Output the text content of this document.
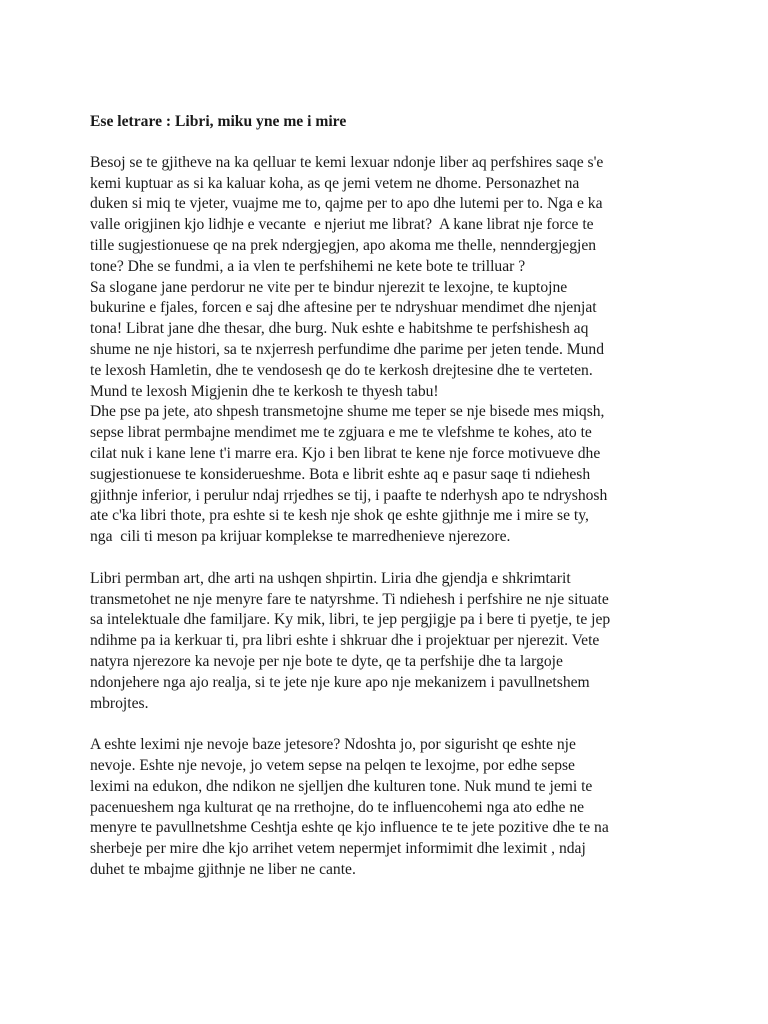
Ese letrare : Libri, miku yne me i mire
Besoj se te gjitheve na ka qelluar te kemi lexuar ndonje liber aq perfshires saqe s'e
kemi kuptuar as si ka kaluar koha, as qe jemi vetem ne dhome. Personazhet na
duken si miq te vjeter, vuajme me to, qajme per to apo dhe lutemi per to. Nga e ka
valle origjinen kjo lidhje e vecante  e njeriut me librat?  A kane librat nje force te
tille sugjestionuese qe na prek ndergjegjen, apo akoma me thelle, nenndergjegjen
tone? Dhe se fundmi, a ia vlen te perfshihemi ne kete bote te trilluar ?
Sa slogane jane perdorur ne vite per te bindur njerezit te lexojne, te kuptojne
bukurine e fjales, forcen e saj dhe aftesine per te ndryshuar mendimet dhe njenjat
tona! Librat jane dhe thesar, dhe burg. Nuk eshte e habitshme te perfshishesh aq
shume ne nje histori, sa te nxjerresh perfundime dhe parime per jeten tende. Mund
te lexosh Hamletin, dhe te vendosesh qe do te kerkosh drejtesine dhe te verteten.
Mund te lexosh Migjenin dhe te kerkosh te thyesh tabu!
Dhe pse pa jete, ato shpesh transmetojne shume me teper se nje bisede mes miqsh,
sepse librat permbajne mendimet me te zgjuara e me te vlefshme te kohes, ato te
cilat nuk i kane lene t'i marre era. Kjo i ben librat te kene nje force motivueve dhe
sugjestionuese te konsiderueshme. Bota e librit eshte aq e pasur saqe ti ndiehesh
gjithnje inferior, i perulur ndaj rrjedhes se tij, i paafte te nderhysh apo te ndryshosh
ate c'ka libri thote, pra eshte si te kesh nje shok qe eshte gjithnje me i mire se ty,
nga  cili ti meson pa krijuar komplekse te marredhenieve njerezore.
Libri permban art, dhe arti na ushqen shpirtin. Liria dhe gjendja e shkrimtarit
transmetohet ne nje menyre fare te natyrshme. Ti ndiehesh i perfshire ne nje situate
sa intelektuale dhe familjare. Ky mik, libri, te jep pergjigje pa i bere ti pyetje, te jep
ndihme pa ia kerkuar ti, pra libri eshte i shkruar dhe i projektuar per njerezit. Vete
natyra njerezore ka nevoje per nje bote te dyte, qe ta perfshije dhe ta largoje
ndonjehere nga ajo realja, si te jete nje kure apo nje mekanizem i pavullnetshem
mbrojtes.
A eshte leximi nje nevoje baze jetesore? Ndoshta jo, por sigurisht qe eshte nje
nevoje. Eshte nje nevoje, jo vetem sepse na pelqen te lexojme, por edhe sepse
leximi na edukon, dhe ndikon ne sjelljen dhe kulturen tone. Nuk mund te jemi te
pacenueshem nga kulturat qe na rrethojne, do te influencohemi nga ato edhe ne
menyre te pavullnetshme Ceshtja eshte qe kjo influence te te jete pozitive dhe te na
sherbeje per mire dhe kjo arrihet vetem nepermjet informimit dhe leximit , ndaj
duhet te mbajme gjithnje ne liber ne cante.
